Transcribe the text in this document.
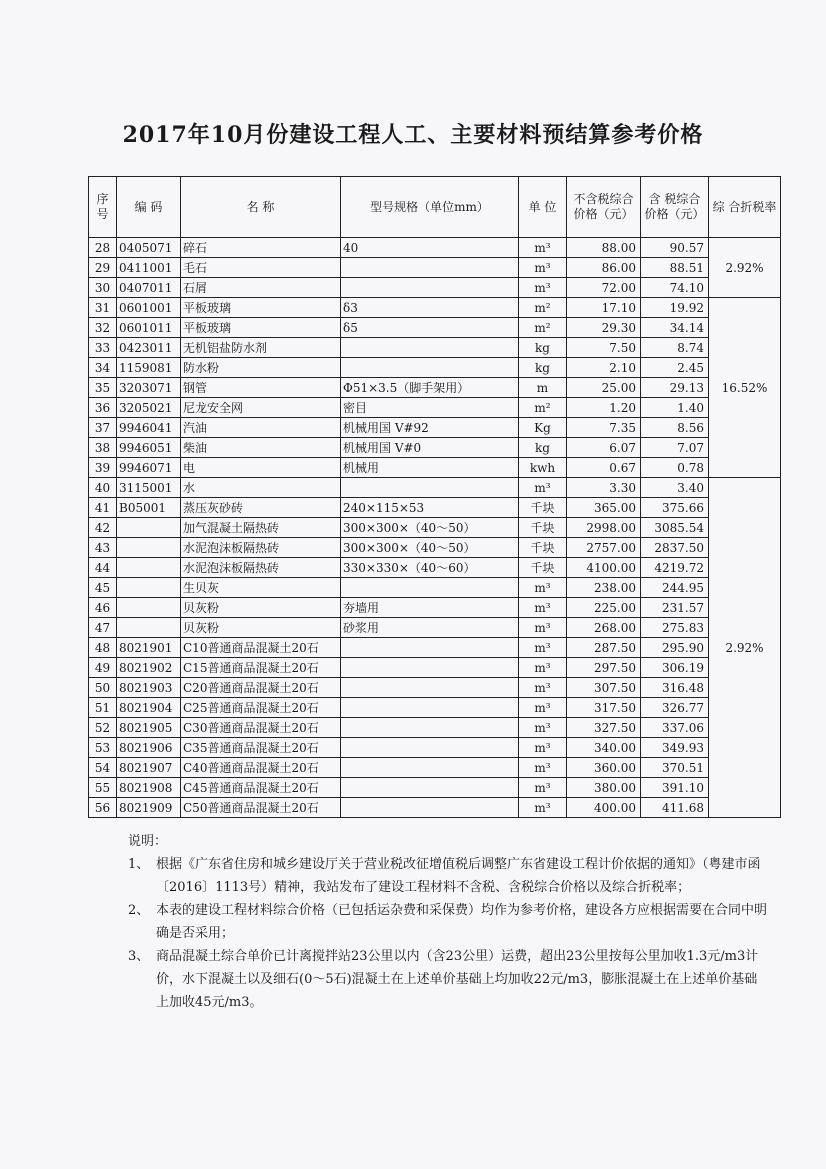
2017年10月份建设工程人工、主要材料预结算参考价格
序号	编 码	名 称	型号规格（单位mm）	单 位	不含税综合价格（元）	含 税综合价格（元）	综 合折税率
28	0405071	碎石	40	m³	88.00	90.57	2.92%
29	0411001	毛石		m³	86.00	88.51	
30	0407011	石屑		m³	72.00	74.10	
31	0601001	平板玻璃	δ3	m²	17.10	19.92	16.52%
32	0601011	平板玻璃	δ5	m²	29.30	34.14	
33	0423011	无机铝盐防水剂		kg	7.50	8.74	
34	1159081	防水粉		kg	2.10	2.45	
35	3203071	钢管	Φ51×3.5（脚手架用）	m	25.00	29.13	
36	3205021	尼龙安全网	密目	m²	1.20	1.40	
37	9946041	汽油	机械用国 Ⅴ#92	Kg	7.35	8.56	
38	9946051	柴油	机械用国 Ⅴ#0	kg	6.07	7.07	
39	9946071	电	机械用	kwh	0.67	0.78	
40	3115001	水		m³	3.30	3.40	2.92%
41	B05001	蒸压灰砂砖	240×115×53	千块	365.00	375.66	
42		加气混凝土隔热砖	300×300×（40～50）	千块	2998.00	3085.54	
43		水泥泡沫板隔热砖	300×300×（40～50）	千块	2757.00	2837.50	
44		水泥泡沫板隔热砖	330×330×（40～60）	千块	4100.00	4219.72	
45		生贝灰		m³	238.00	244.95	
46		贝灰粉	夯墙用	m³	225.00	231.57	
47		贝灰粉	砂浆用	m³	268.00	275.83	
48	8021901	C10普通商品混凝土20石		m³	287.50	295.90	
49	8021902	C15普通商品混凝土20石		m³	297.50	306.19	
50	8021903	C20普通商品混凝土20石		m³	307.50	316.48	
51	8021904	C25普通商品混凝土20石		m³	317.50	326.77	
52	8021905	C30普通商品混凝土20石		m³	327.50	337.06	
53	8021906	C35普通商品混凝土20石		m³	340.00	349.93	
54	8021907	C40普通商品混凝土20石		m³	360.00	370.51	
55	8021908	C45普通商品混凝土20石		m³	380.00	391.10	
56	8021909	C50普通商品混凝土20石		m³	400.00	411.68	

说明：

1、 根据《广东省住房和城乡建设厅关于营业税改征增值税后调整广东省建设工程计价依据的通知》（粤建市函〔2016〕1113号）精神，我站发布了建设工程材料不含税、含税综合价格以及综合折税率；
2、 本表的建设工程材料综合价格（已包括运杂费和采保费）均作为参考价格，建设各方应根据需要在合同中明确是否采用；
3、 商品混凝土综合单价已计离搅拌站23公里以内（含23公里）运费，超出23公里按每公里加收1.3元/m3计价，水下混凝土以及细石(0～5石)混凝土在上述单价基础上均加收22元/m3，膨胀混凝土在上述单价基础上加收45元/m3。
